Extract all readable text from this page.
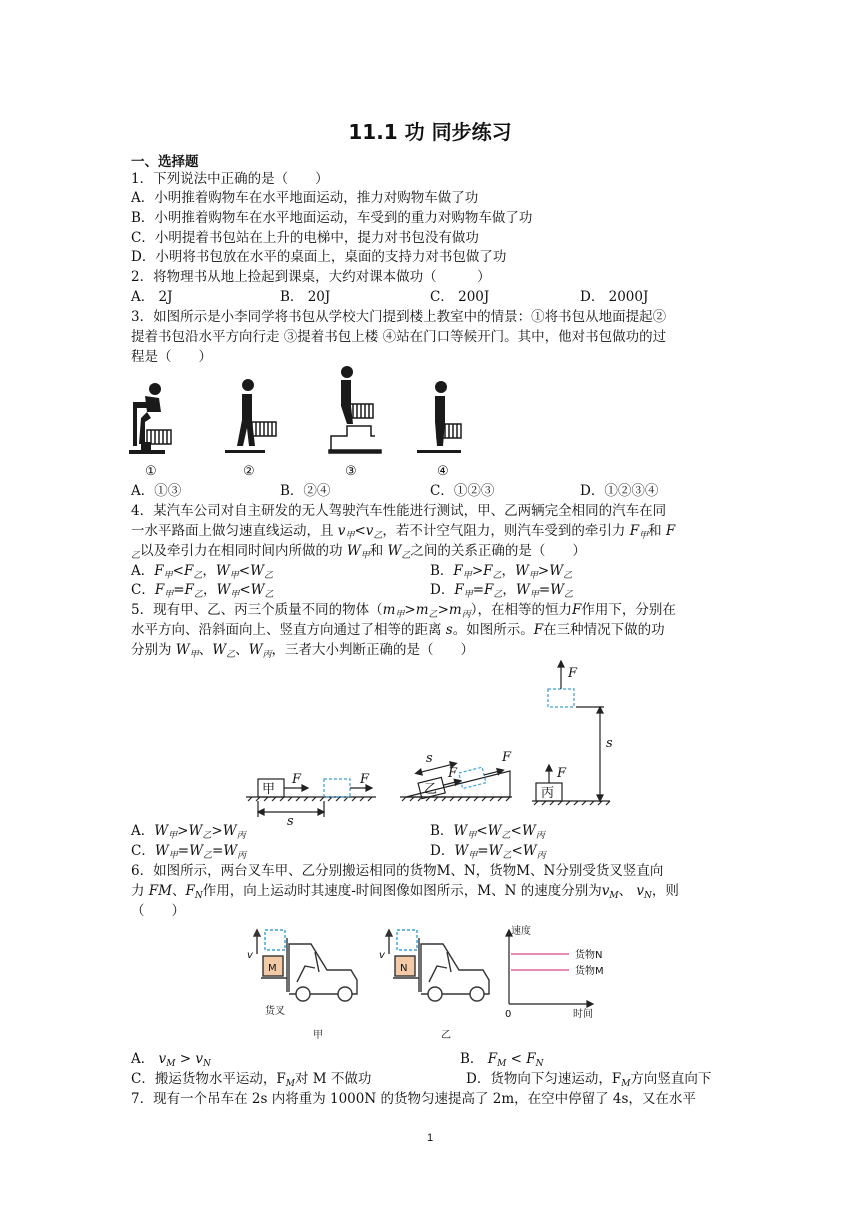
11.1 功 同步练习
一、选择题
1．下列说法中正确的是（　　）
A．小明推着购物车在水平地面运动，推力对购物车做了功
B．小明推着购物车在水平地面运动，车受到的重力对购物车做了功
C．小明提着书包站在上升的电梯中，提力对书包没有做功
D．小明将书包放在水平的桌面上，桌面的支持力对书包做了功
2．将物理书从地上捡起到课桌，大约对课本做功（　　　）
A． 2J	B． 20J	C． 200J	D． 2000J
3．如图所示是小李同学将书包从学校大门提到楼上教室中的情景：①将书包从地面提起②
提着书包沿水平方向行走 ③提着书包上楼 ④站在门口等候开门。其中，他对书包做功的过
程是（　　）
①	②	③	④
A．①③	B．②④	C．①②③	D．①②③④
4．某汽车公司对自主研发的无人驾驶汽车性能进行测试，甲、乙两辆完全相同的汽车在同
一水平路面上做匀速直线运动，且 $v_甲<v_乙$，若不计空气阻力，则汽车受到的牵引力 $F_甲$和 F
$_乙$以及牵引力在相同时间内所做的功 $W_甲$和 $W_乙$之间的关系正确的是（　　）
A．$F_甲<F_乙$，$W_甲<W_乙$	B．$F_甲>F_乙$，$W_甲>W_乙$
C．$F_甲=F_乙$，$W_甲<W_乙$	D．$F_甲=F_乙$，$W_甲=W_乙$
5．现有甲、乙、丙三个质量不同的物体$(m_甲>m_乙>m_丙)$，在相等的恒力F作用下，分别在
水平方向、沿斜面向上、竖直方向通过了相等的距离 s。如图所示。F在三种情况下做的功
分别为 $W_甲$、$W_乙$、$W_丙$，三者大小判断正确的是（　　）
甲
F	F
s
乙
F
F
s
丙
F
F
s
A．$W_甲>W_乙>W_丙$	B．$W_甲<W_乙<W_丙$
C．$W_甲=W_乙=W_丙$	D．$W_甲=W_乙<W_丙$
6．如图所示，两台叉车甲、乙分别搬运相同的货物M、N，货物M、N分别受货叉竖直向
力 FM、$F_N$作用，向上运动时其速度-时间图像如图所示，M、N 的速度分别为$v_M$、 $v_N$，则
（　　）
M	N
v	v
货叉
甲	乙
速度
货物N
货物M
0	时间
A． $v_M > v_N$	B． $F_M < F_N$
C．搬运货物水平运动，$F_M$对 M 不做功	D．货物向下匀速运动，$F_M$方向竖直向下
7．现有一个吊车在 2s 内将重为 1000N 的货物匀速提高了 2m，在空中停留了 4s，又在水平
1
